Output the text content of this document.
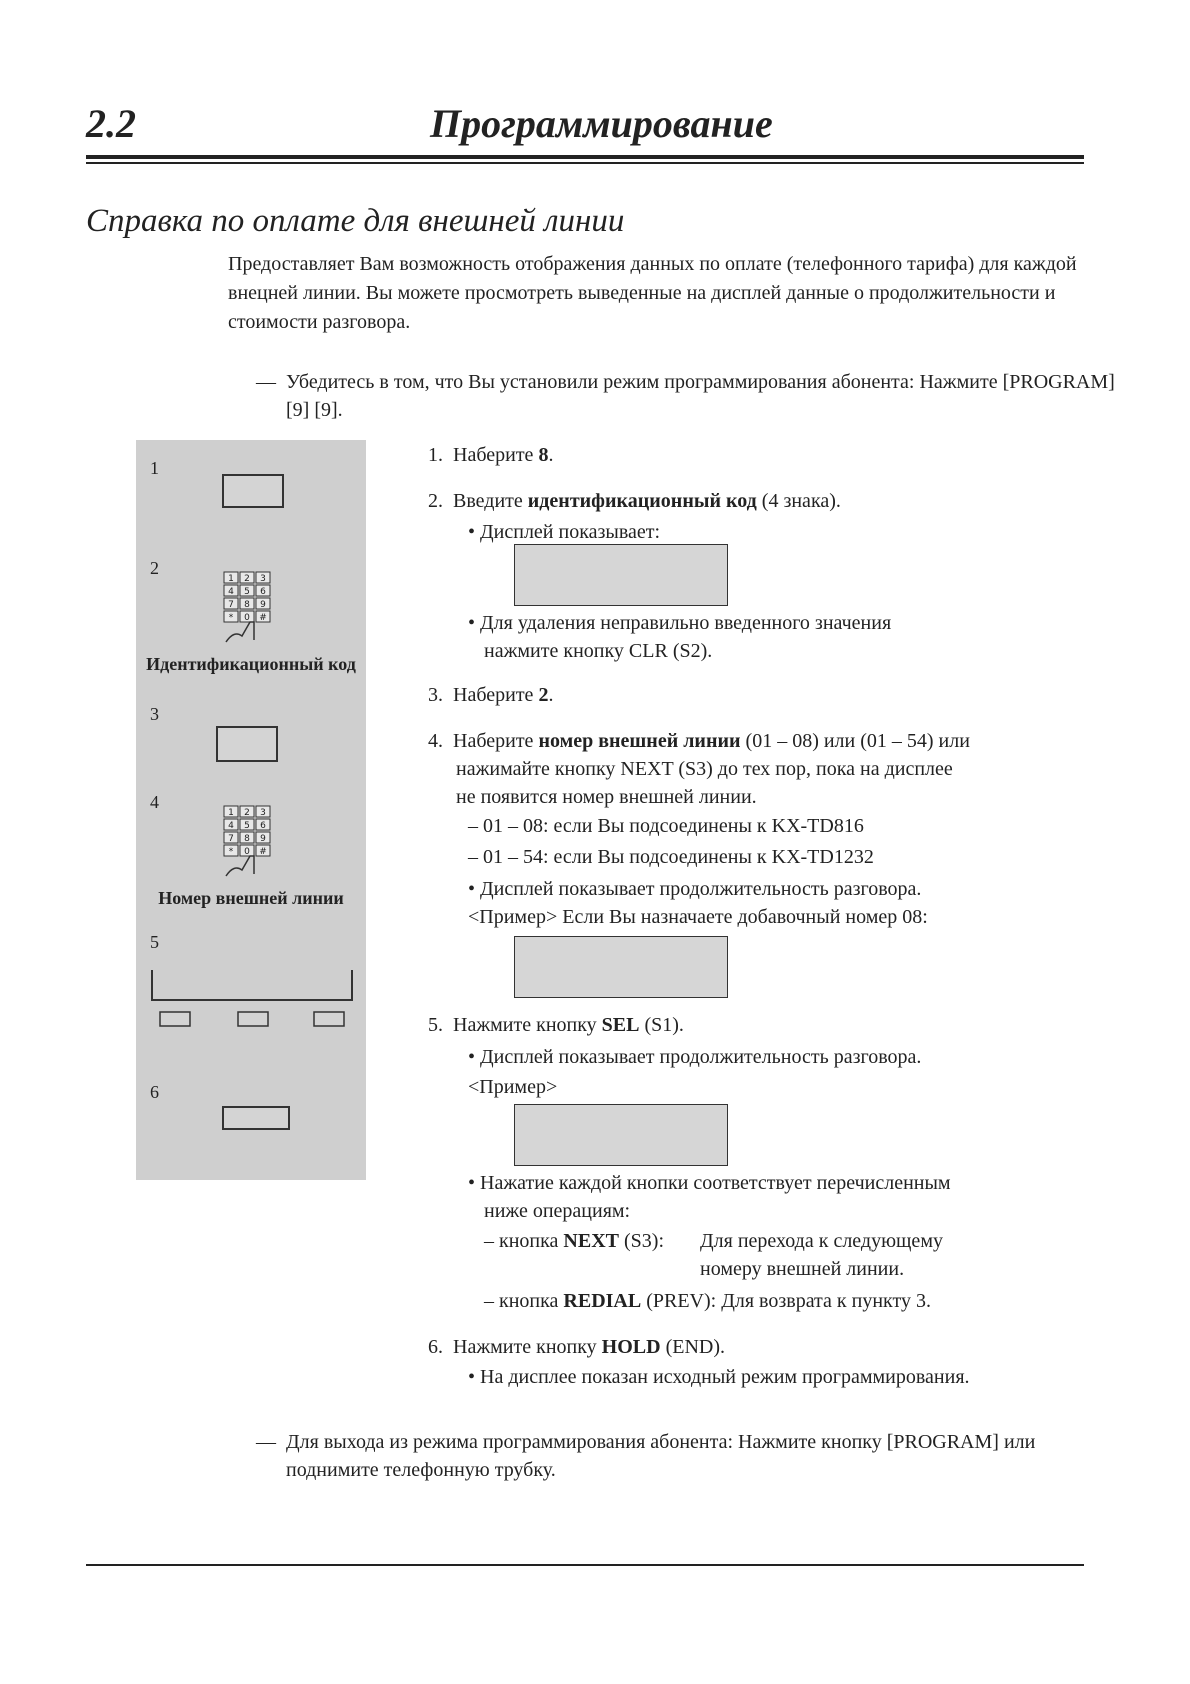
2.2	Программирование
Справка по оплате для внешней линии
Предоставляет Вам возможность отображения данных по оплате (телефонного тарифа) для каждой внецней линии. Вы можете просмотреть выведенные на дисплей данные о продолжительности и стоимости разговора.
— Убедитесь в том, что Вы установили режим программирования абонента: Нажмите [PROGRAM] [9] [9].
1
2
1 2 3
4 5 6
7 8 9
* 0 #
Идентификационный код
3
4
1 2 3
4 5 6
7 8 9
* 0 #
Номер внешней линии
5
6
1. Наберите 8.
2. Введите идентификационный код (4 знака).
• Дисплей показывает:
• Для удаления неправильно введенного значения
нажмите кнопку CLR (S2).
3. Наберите 2.
4. Наберите номер внешней линии (01 – 08) или (01 – 54) или
нажимайте кнопку NEXT (S3) до тех пор, пока на дисплее
не появится номер внешней линии.
– 01 – 08: если Вы подсоединены к KX-TD816
– 01 – 54: если Вы подсоединены к KX-TD1232
• Дисплей показывает продолжительность разговора.
<Пример> Если Вы назначаете добавочный номер 08:
5. Нажмите кнопку SEL (S1).
• Дисплей показывает продолжительность разговора.
<Пример>
• Нажатие каждой кнопки соответствует перечисленным
ниже операциям:
– кнопка NEXT (S3): Для перехода к следующему
номеру внешней линии.
– кнопка REDIAL (PREV): Для возврата к пункту 3.
6. Нажмите кнопку HOLD (END).
• На дисплее показан исходный режим программирования.
— Для выхода из режима программирования абонента: Нажмите кнопку [PROGRAM] или поднимите телефонную трубку.
